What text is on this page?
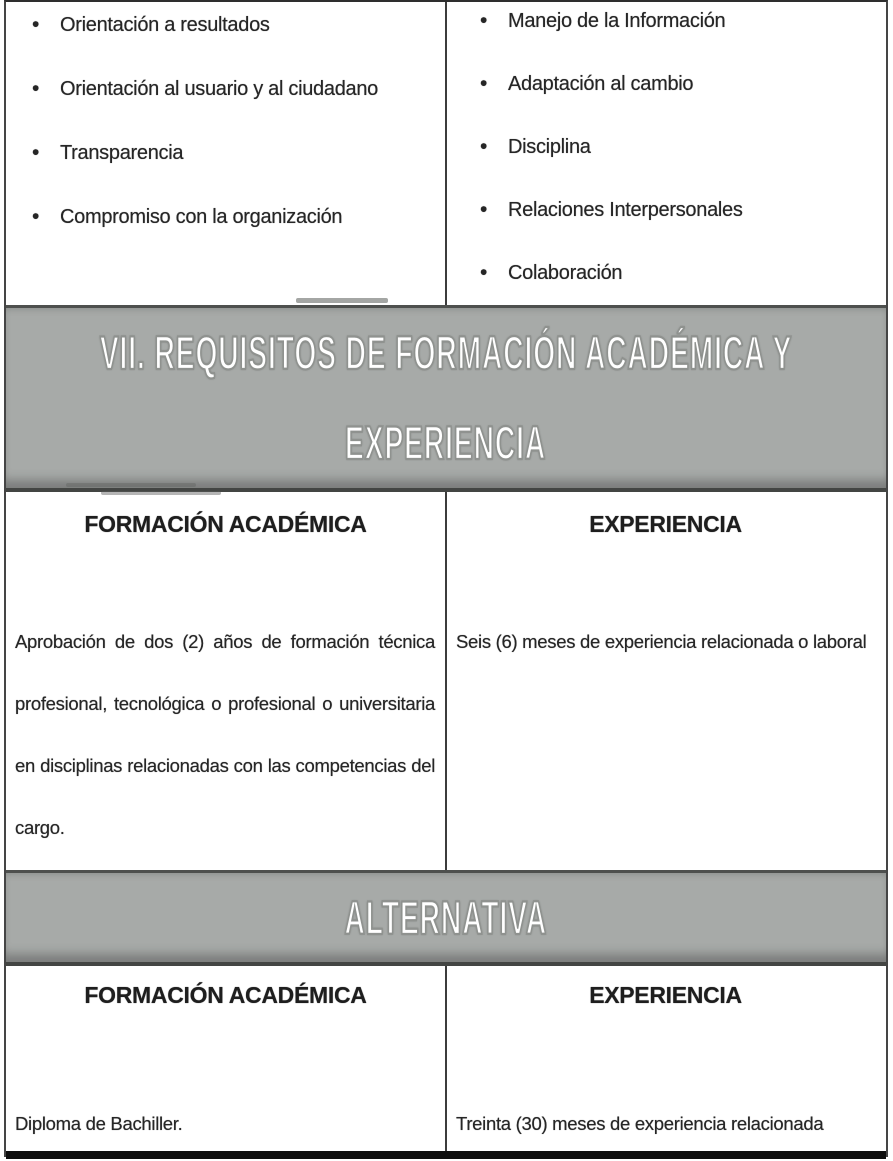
•	Orientación a resultados
•	Orientación al usuario y al ciudadano
•	Transparencia
•	Compromiso con la organización
•	Manejo de la Información
•	Adaptación al cambio
•	Disciplina
•	Relaciones Interpersonales
•	Colaboración
VII. REQUISITOS DE FORMACIÓN ACADÉMICA Y
EXPERIENCIA
FORMACIÓN ACADÉMICA
Aprobación de dos (2) años de formación técnica profesional, tecnológica o profesional o universitaria en disciplinas relacionadas con las competencias del cargo.
EXPERIENCIA
Seis (6) meses de experiencia relacionada o laboral
ALTERNATIVA
FORMACIÓN ACADÉMICA
Diploma de Bachiller.
EXPERIENCIA
Treinta (30) meses de experiencia relacionada
